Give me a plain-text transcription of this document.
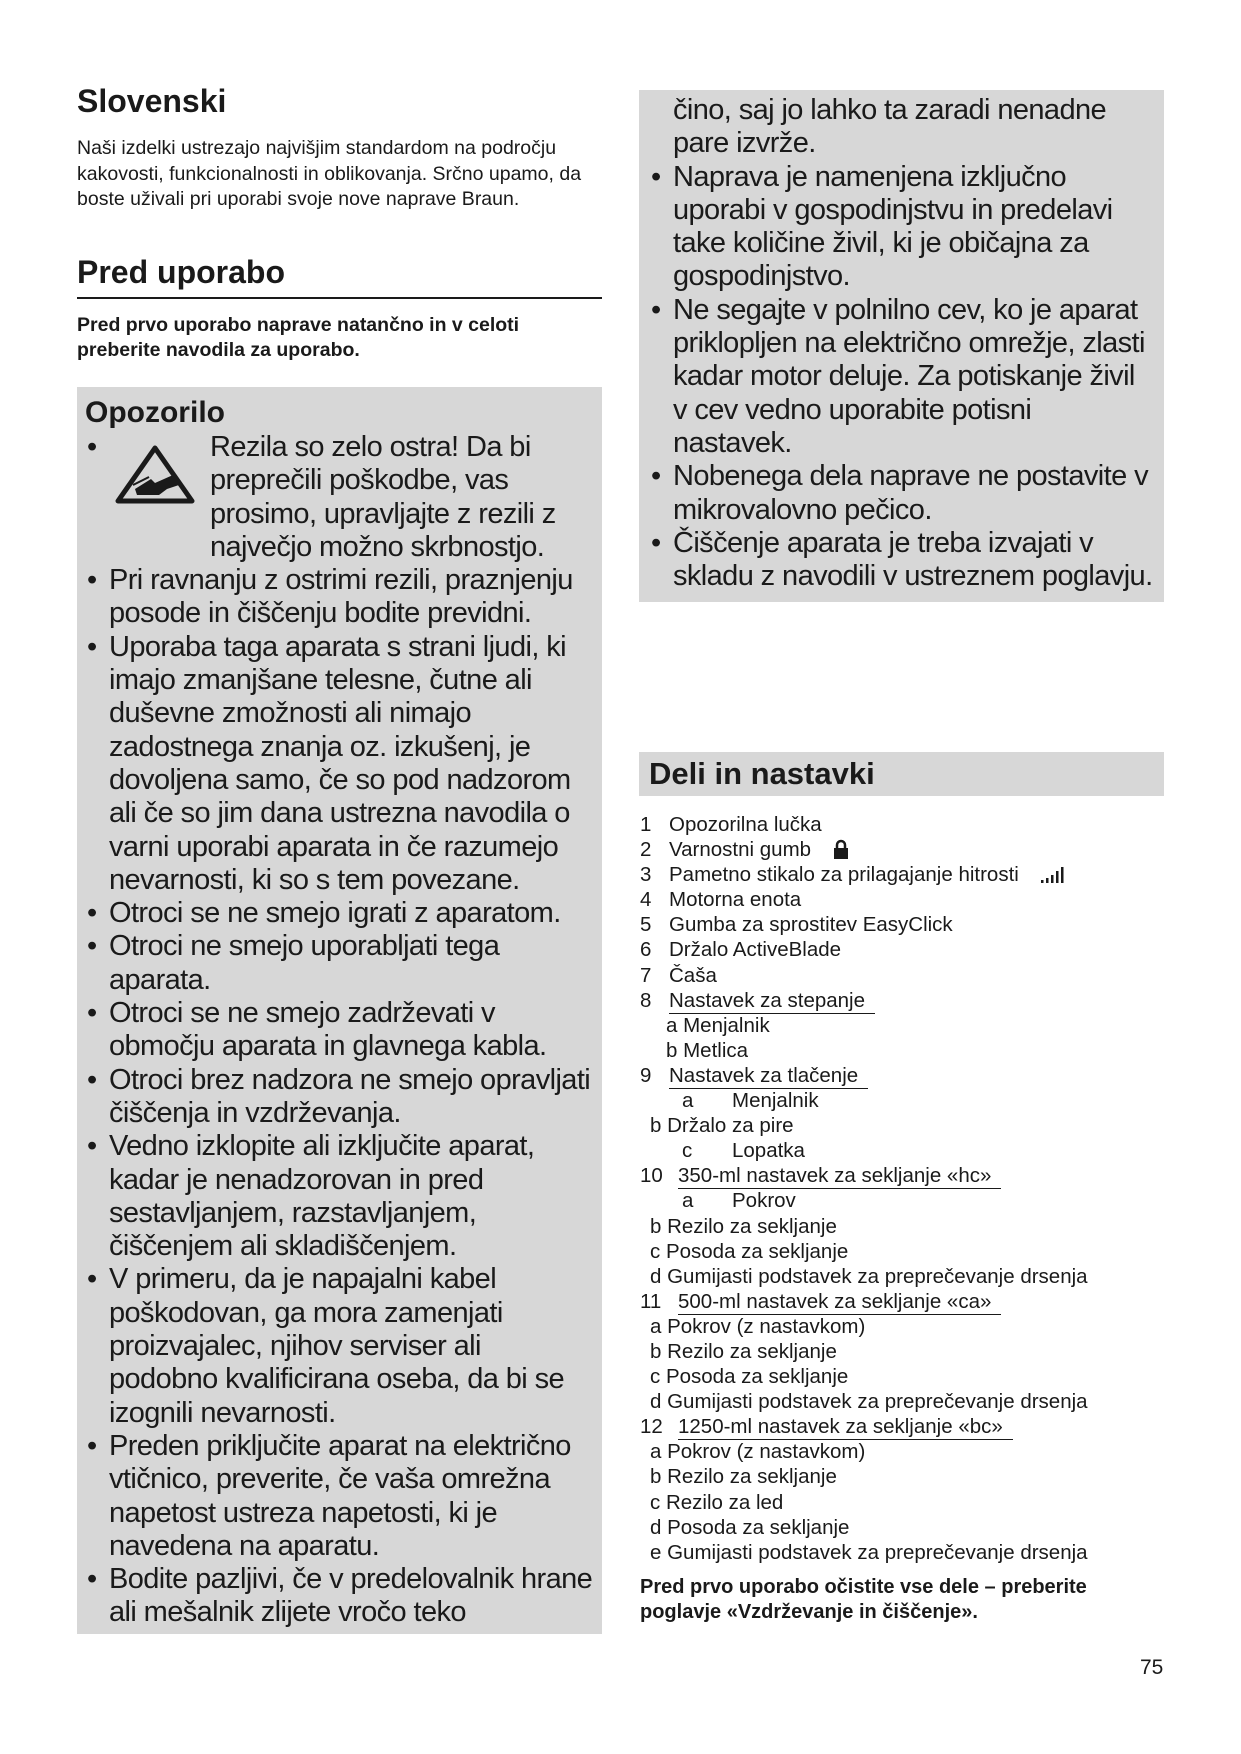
Slovenski

Naši izdelki ustrezajo najvišjim standardom na področju kakovosti, funkcionalnosti in oblikovanja. Srčno upamo, da boste uživali pri uporabi svoje nove naprave Braun.

Pred uporabo

Pred prvo uporabo naprave natančno in v celoti preberite navodila za uporabo.

Opozorilo
•	Rezila so zelo ostra! Da bi preprečili poškodbe, vas prosimo, upravljajte z rezili z največjo možno skrbnostjo.
• Pri ravnanju z ostrimi rezili, praznjenju posode in čiščenju bodite previdni.
• Uporaba taga aparata s strani ljudi, ki imajo zmanjšane telesne, čutne ali duševne zmožnosti ali nimajo zadostnega znanja oz. izkušenj, je dovoljena samo, če so pod nadzorom ali če so jim dana ustrezna navodila o varni uporabi aparata in če razumejo nevarnosti, ki so s tem povezane.
• Otroci se ne smejo igrati z aparatom.
• Otroci ne smejo uporabljati tega aparata.
• Otroci se ne smejo zadrževati v območju aparata in glavnega kabla.
• Otroci brez nadzora ne smejo opravljati čiščenja in vzdrževanja.
• Vedno izklopite ali izključite aparat, kadar je nenadzorovan in pred sestavljanjem, razstavljanjem, čiščenjem ali skladiščenjem.
• V primeru, da je napajalni kabel poškodovan, ga mora zamenjati proizvajalec, njihov serviser ali podobno kvalificirana oseba, da bi se izognili nevarnosti.
• Preden priključite aparat na električno vtičnico, preverite, če vaša omrežna napetost ustreza napetosti, ki je navedena na aparatu.
• Bodite pazljivi, če v predelovalnik hrane ali mešalnik zlijete vročo teko

čino, saj jo lahko ta zaradi nenadne pare izvrže.

• Naprava je namenjena izključno uporabi v gospodinjstvu in predelavi take količine živil, ki je običajna za gospodinjstvo.
• Ne segajte v polnilno cev, ko je aparat priklopljen na električno omrežje, zlasti kadar motor deluje. Za potiskanje živil v cev vedno uporabite potisni nastavek.
• Nobenega dela naprave ne postavite v mikrovalovno pečico.
• Čiščenje aparata je treba izvajati v skladu z navodili v ustreznem poglavju.
Deli in nastavki
1 Opozorilna lučka
2 Varnostni gumb
3 Pametno stikalo za prilagajanje hitrosti
4 Motorna enota
5 Gumba za sprostitev EasyClick
6 Držalo ActiveBlade
7 Čaša
8 Nastavek za stepanje
a Menjalnik
b Metlica
9 Nastavek za tlačenje
a Menjalnik
b Držalo za pire
c Lopatka
10 350-ml nastavek za sekljanje «hc»
a Pokrov
b Rezilo za sekljanje
c Posoda za sekljanje
d Gumijasti podstavek za preprečevanje drsenja
11 500-ml nastavek za sekljanje «ca»
a Pokrov (z nastavkom)
b Rezilo za sekljanje
c Posoda za sekljanje
d Gumijasti podstavek za preprečevanje drsenja
12 1250-ml nastavek za sekljanje «bc»
a Pokrov (z nastavkom)
b Rezilo za sekljanje
c Rezilo za led
d Posoda za sekljanje
e Gumijasti podstavek za preprečevanje drsenja

Pred prvo uporabo očistite vse dele – preberite poglavje «Vzdrževanje in čiščenje».

75
